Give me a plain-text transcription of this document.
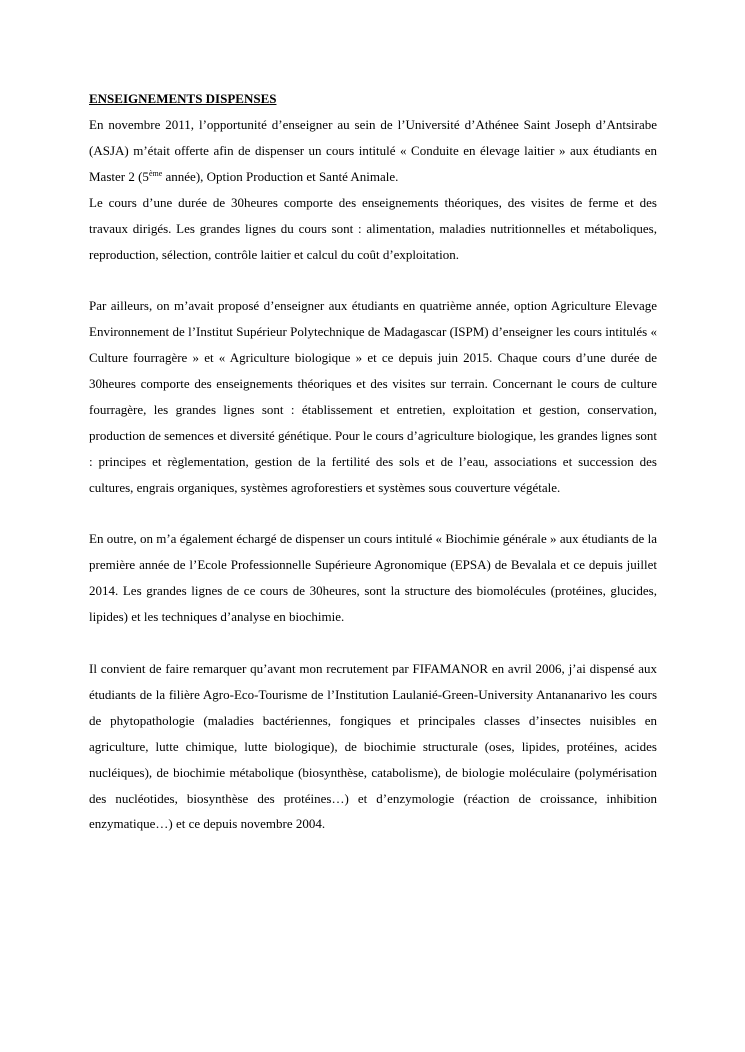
ENSEIGNEMENTS DISPENSES

En novembre 2011, l’opportunité d’enseigner au sein de l’Université d’Athénee Saint Joseph d’Antsirabe (ASJA) m’était offerte afin de dispenser un cours intitulé « Conduite en élevage laitier » aux étudiants en Master 2 (5ème année), Option Production et Santé Animale.

Le cours d’une durée de 30heures comporte des enseignements théoriques, des visites de ferme et des travaux dirigés. Les grandes lignes du cours sont : alimentation, maladies nutritionnelles et métaboliques, reproduction, sélection, contrôle laitier et calcul du coût d’exploitation.

Par ailleurs, on m’avait proposé d’enseigner aux étudiants en quatrième année, option Agriculture Elevage Environnement de l’Institut Supérieur Polytechnique de Madagascar (ISPM) d’enseigner les cours intitulés « Culture fourragère » et « Agriculture biologique » et ce depuis juin 2015. Chaque cours d’une durée de 30heures comporte des enseignements théoriques et des visites sur terrain. Concernant le cours de culture fourragère, les grandes lignes sont : établissement et entretien, exploitation et gestion, conservation, production de semences et diversité génétique. Pour le cours d’agriculture biologique, les grandes lignes sont : principes et règlementation, gestion de la fertilité des sols et de l’eau, associations et succession des cultures, engrais organiques, systèmes agroforestiers et systèmes sous couverture végétale.

En outre, on m’a également échargé de dispenser un cours intitulé « Biochimie générale » aux étudiants de la première année de l’Ecole Professionnelle Supérieure Agronomique (EPSA) de Bevalala et ce depuis juillet 2014. Les grandes lignes de ce cours de 30heures, sont la structure des biomolécules (protéines, glucides, lipides) et les techniques d’analyse en biochimie.

Il convient de faire remarquer qu’avant mon recrutement par FIFAMANOR en avril 2006, j’ai dispensé aux étudiants de la filière Agro-Eco-Tourisme de l’Institution Laulanié-Green-University Antananarivo les cours de phytopathologie (maladies bactériennes, fongiques et principales classes d’insectes nuisibles en agriculture, lutte chimique, lutte biologique), de biochimie structurale (oses, lipides, protéines, acides nucléiques), de biochimie métabolique (biosynthèse, catabolisme), de biologie moléculaire (polymérisation des nucléotides, biosynthèse des protéines…) et d’enzymologie (réaction de croissance, inhibition enzymatique…) et ce depuis novembre 2004.
